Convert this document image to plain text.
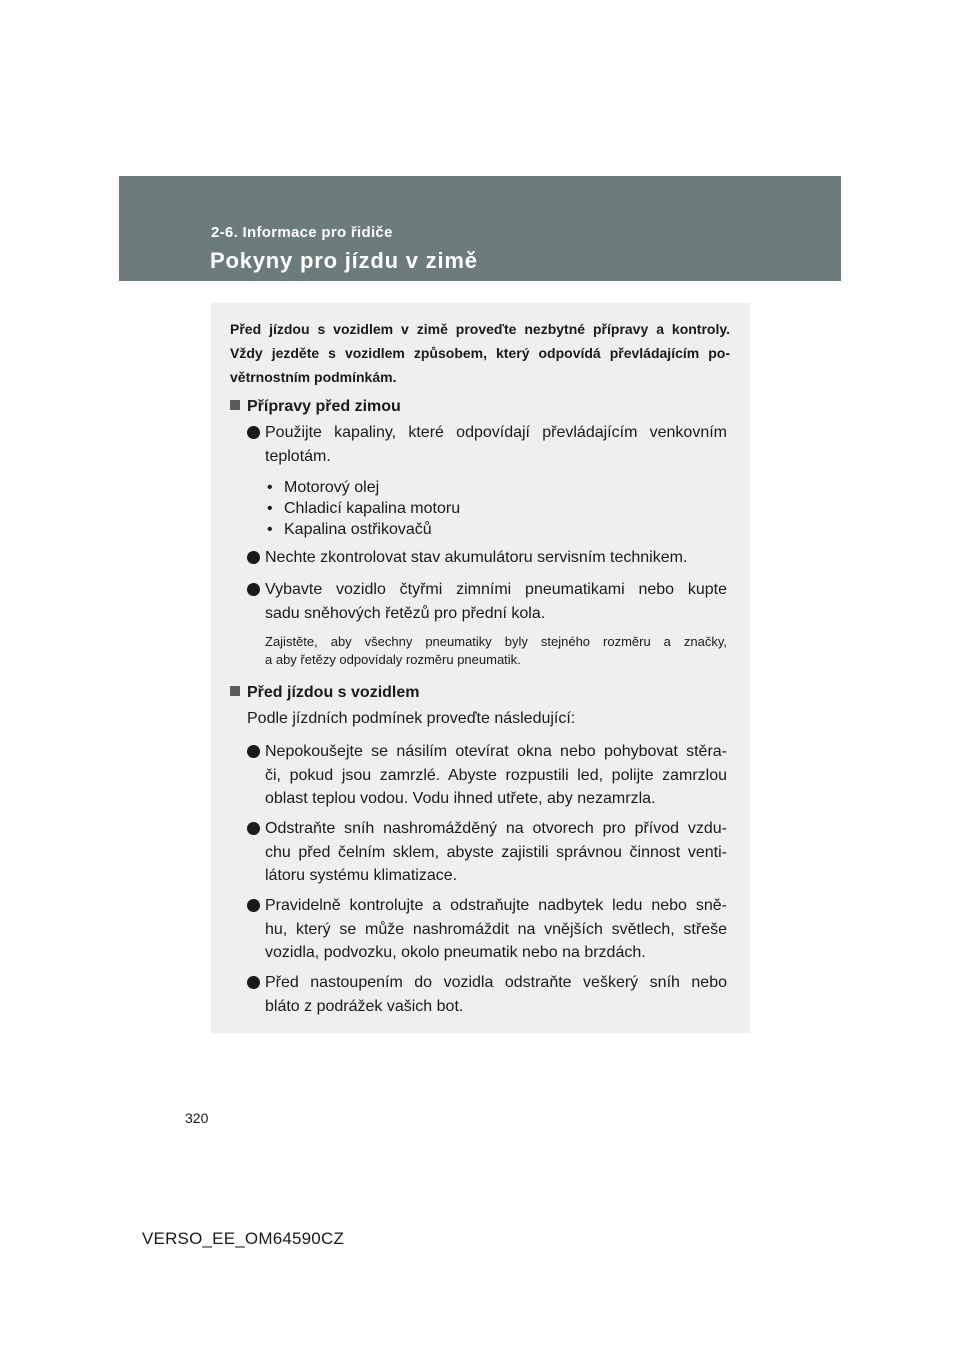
2-6. Informace pro řidiče
Pokyny pro jízdu v zimě
Před jízdou s vozidlem v zimě proveďte nezbytné přípravy a kontroly.
Vždy jezděte s vozidlem způsobem, který odpovídá převládajícím po-
větrnostním podmínkám.
Přípravy před zimou
Použijte kapaliny, které odpovídají převládajícím venkovním
teplotám.
• Motorový olej
• Chladicí kapalina motoru
• Kapalina ostřikovačů
Nechte zkontrolovat stav akumulátoru servisním technikem.
Vybavte vozidlo čtyřmi zimními pneumatikami nebo kupte
sadu sněhových řetězů pro přední kola.
Zajistěte, aby všechny pneumatiky byly stejného rozměru a značky,
a aby řetězy odpovídaly rozměru pneumatik.
Před jízdou s vozidlem
Podle jízdních podmínek proveďte následující:
Nepokoušejte se násilím otevírat okna nebo pohybovat stěra-
či, pokud jsou zamrzlé. Abyste rozpustili led, polijte zamrzlou
oblast teplou vodou. Vodu ihned utřete, aby nezamrzla.
Odstraňte sníh nashromážděný na otvorech pro přívod vzdu-
chu před čelním sklem, abyste zajistili správnou činnost venti-
látoru systému klimatizace.
Pravidelně kontrolujte a odstraňujte nadbytek ledu nebo sně-
hu, který se může nashromáždit na vnějších světlech, střeše
vozidla, podvozku, okolo pneumatik nebo na brzdách.
Před nastoupením do vozidla odstraňte veškerý sníh nebo
bláto z podrážek vašich bot.
320
VERSO_EE_OM64590CZ
